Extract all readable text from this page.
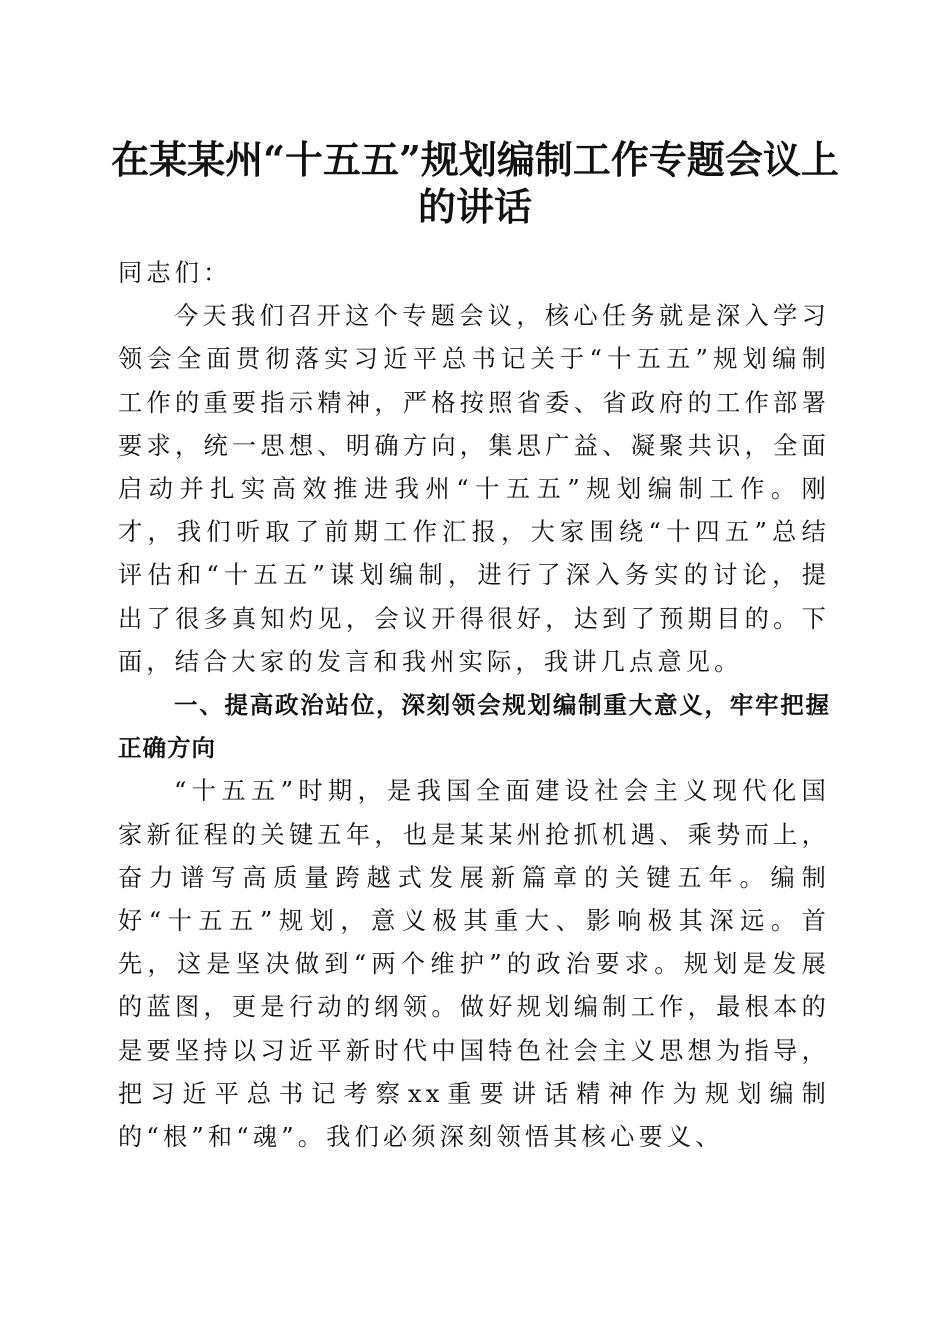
在某某州“十五五”规划编制工作专题会议上
的讲话

同志们：

今天我们召开这个专题会议，核心任务就是深入学习领会全面贯彻落实习近平总书记关于“十五五”规划编制工作的重要指示精神，严格按照省委、省政府的工作部署要求，统一思想、明确方向，集思广益、凝聚共识，全面启动并扎实高效推进我州“十五五”规划编制工作。刚才，我们听取了前期工作汇报，大家围绕“十四五”总结评估和“十五五”谋划编制，进行了深入务实的讨论，提出了很多真知灼见，会议开得很好，达到了预期目的。下面，结合大家的发言和我州实际，我讲几点意见。

一、提高政治站位，深刻领会规划编制重大意义，牢牢把握正确方向

“十五五”时期，是我国全面建设社会主义现代化国家新征程的关键五年，也是某某州抢抓机遇、乘势而上，奋力谱写高质量跨越式发展新篇章的关键五年。编制好“十五五”规划，意义极其重大、影响极其深远。首先，这是坚决做到“两个维护”的政治要求。规划是发展的蓝图，更是行动的纲领。做好规划编制工作，最根本的是要坚持以习近平新时代中国特色社会主义思想为指导，把习近平总书记考察xx重要讲话精神作为规划编制的“根”和“魂”。我们必须深刻领悟其核心要义、
